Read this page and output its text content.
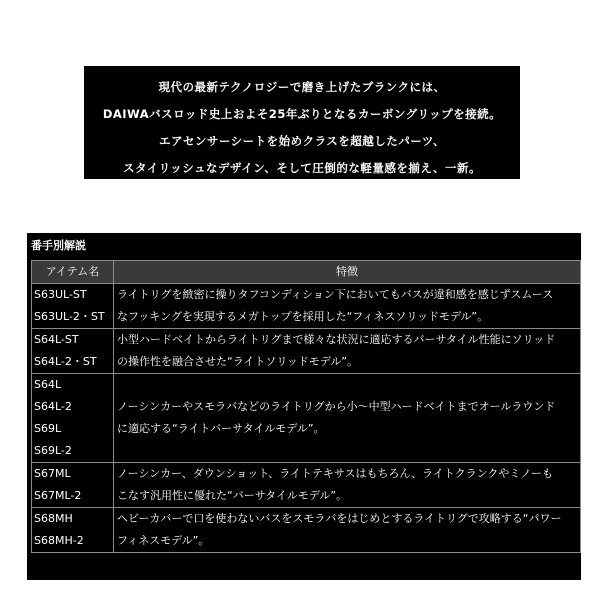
現代の最新テクノロジーで磨き上げたブランクには、
DAIWAバスロッド史上およそ25年ぶりとなるカーボングリップを接続。
エアセンサーシートを始めクラスを超越したパーツ、
スタイリッシュなデザイン、そして圧倒的な軽量感を揃え、一新。
番手別解説
アイテム名	特徴

S63UL-ST
S63UL-2・ST	ライトリグを緻密に操りタフコンディション下においてもバスが違和感を感じずスムース
なフッキングを実現するメガトップを採用した“フィネスソリッドモデル”。

S64L-ST
S64L-2・ST	小型ハードベイトからライトリグまで様々な状況に適応するバーサタイル性能にソリッド
の操作性を融合させた“ライトソリッドモデル”。

S64L
S64L-2
S69L
S69L-2	ノーシンカーやスモラバなどのライトリグから小〜中型ハードベイトまでオールラウンド
に適応する“ライトバーサタイルモデル”。

S67ML
S67ML-2	ノーシンカー、ダウンショット、ライトテキサスはもちろん、ライトクランクやミノーも
こなす汎用性に優れた“バーサタイルモデル”。

S68MH
S68MH-2	ヘビーカバーで口を使わないバスをスモラバをはじめとするライトリグで攻略する“パワー
フィネスモデル”。
